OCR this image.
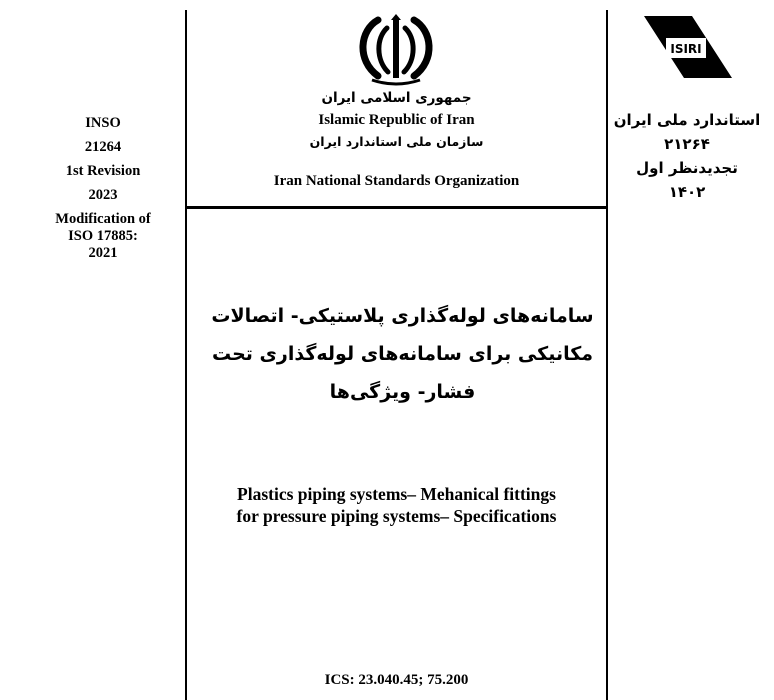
INSO
21264
1st Revision
2023
Modification of
ISO 17885:
2021
استاندارد ملی ایران
۲۱۲۶۴
تجدیدنظر اول
۱۴۰۲
ISIRI
جمهوری اسلامی ایران
Islamic Republic of Iran
سازمان ملی استاندارد ایران
Iran National Standards Organization
سامانه‌های لوله‌گذاری پلاستیکی- اتصالات
مکانیکی برای سامانه‌های لوله‌گذاری تحت
فشار- ویژگی‌ها
Plastics piping systems– Mehanical fittings
for pressure piping systems– Specifications
ICS: 23.040.45; 75.200
